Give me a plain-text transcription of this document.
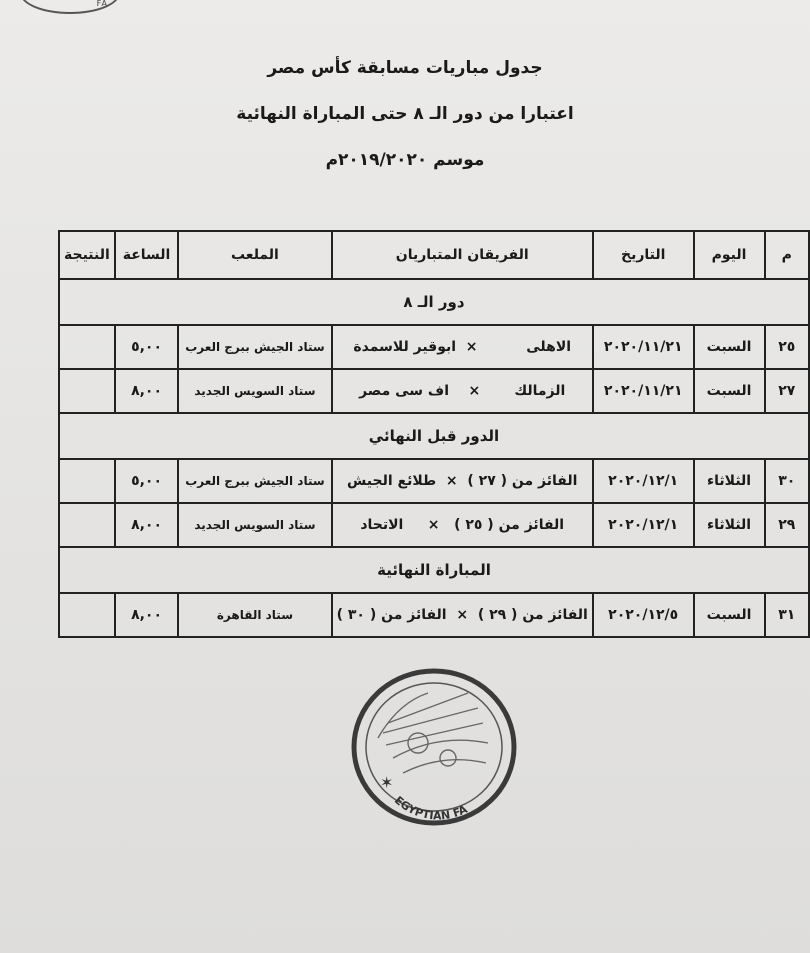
FA
جدول مباريات مسابقة كأس مصر
اعتبارا من دور الـ ٨ حتى المباراة النهائية
موسم ٢٠١٩/٢٠٢٠م
م	اليوم	التاريخ	الفريقان المتباريان	الملعب	الساعة	النتيجة
دور الـ ٨						
٢٥	السبت	٢٠٢٠/١١/٢١	الاهلى          ×  ابوقير للاسمدة	ستاد الجيش ببرج العرب	٥,٠٠	
٢٧	السبت	٢٠٢٠/١١/٢١	الزمالك       ×    اف سى مصر	ستاد السويس الجديد	٨,٠٠	
الدور قبل النهائي						
٣٠	الثلاثاء	٢٠٢٠/١٢/١	الفائز من ( ٢٧ )  ×  طلائع الجيش	ستاد الجيش ببرج العرب	٥,٠٠	
٢٩	الثلاثاء	٢٠٢٠/١٢/١	الفائز من ( ٢٥ )   ×     الاتحاد	ستاد السويس الجديد	٨,٠٠	
المباراة النهائية						
٣١	السبت	٢٠٢٠/١٢/٥	الفائز من ( ٢٩ )  ×  الفائز من ( ٣٠ )	ستاد القاهرة	٨,٠٠	
✶
EGYPTIAN FA
